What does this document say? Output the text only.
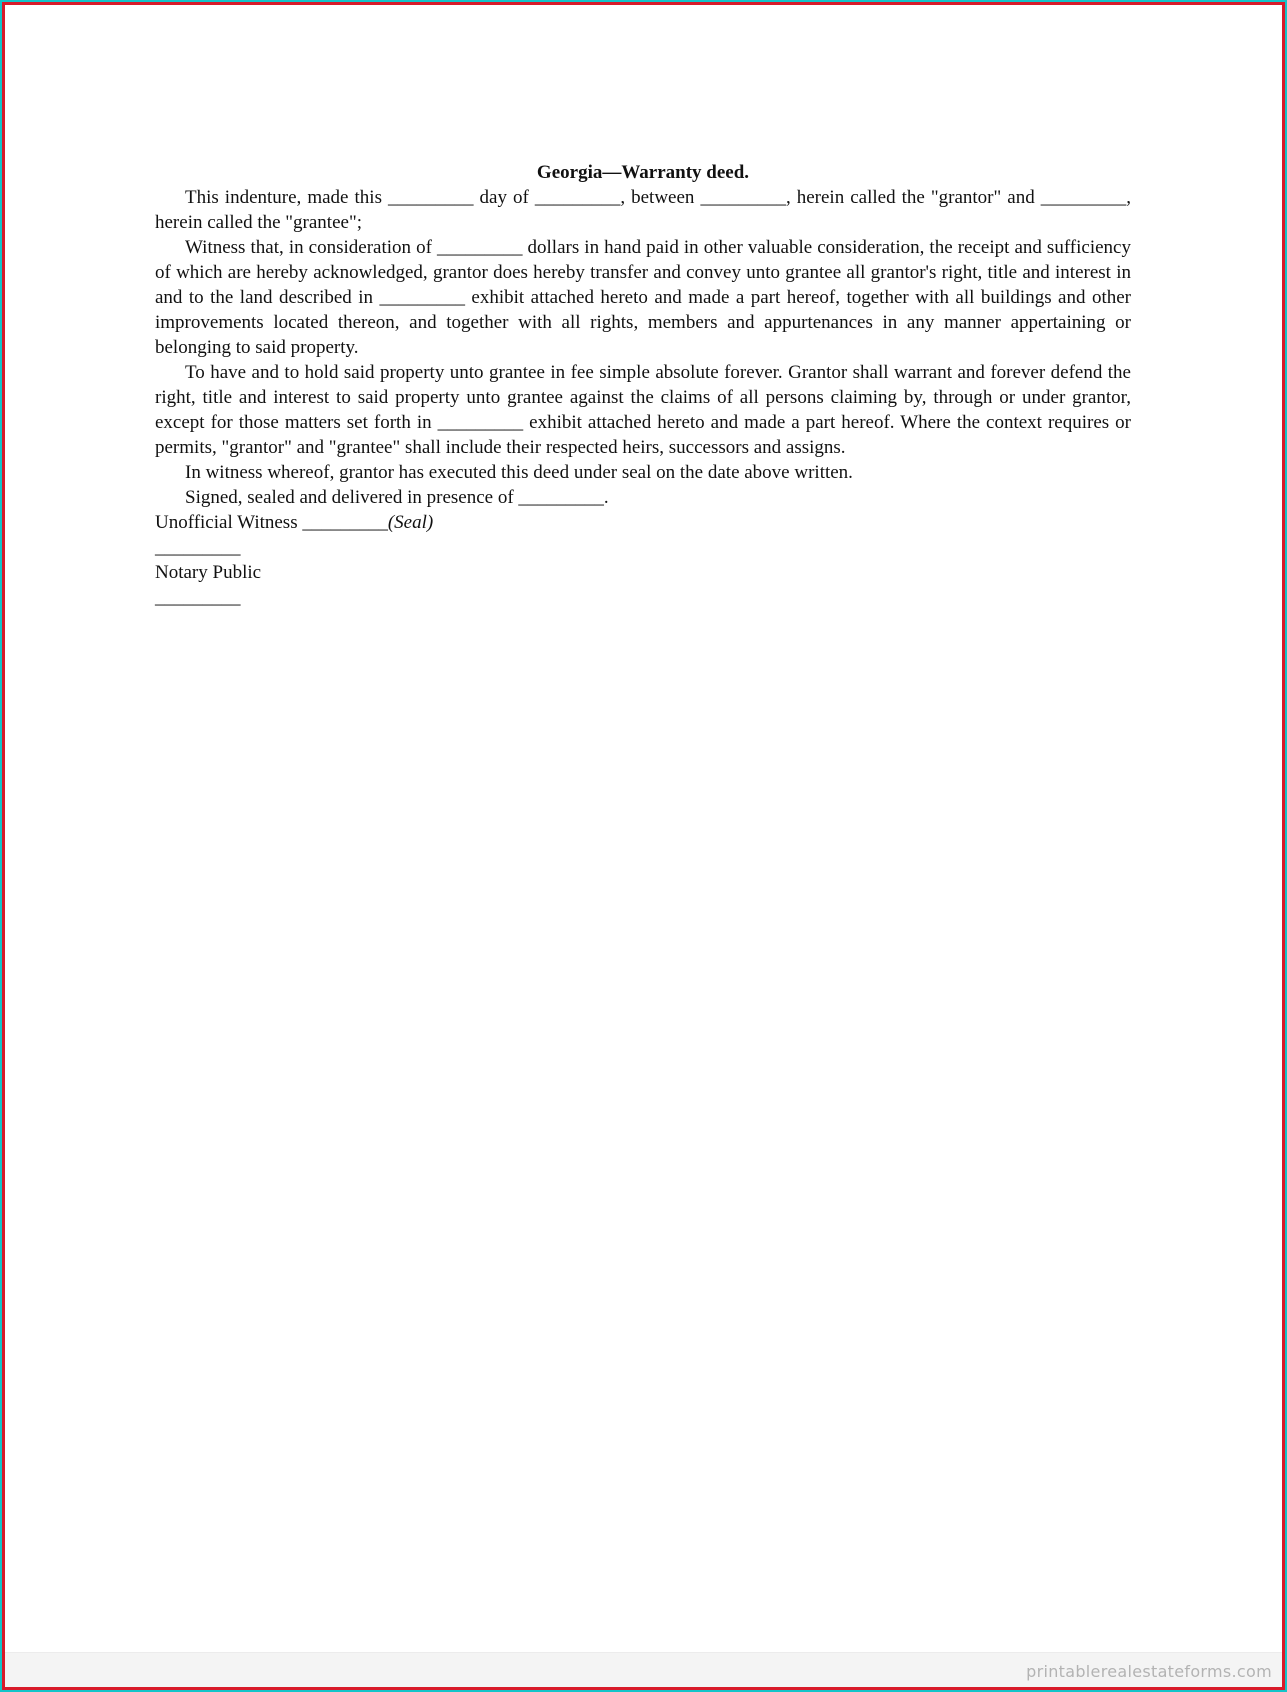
Georgia—Warranty deed.

This indenture, made this _________ day of _________, between _________, herein called the "grantor" and _________, herein called the "grantee";

Witness that, in consideration of _________ dollars in hand paid in other valuable consideration, the receipt and sufficiency of which are hereby acknowledged, grantor does hereby transfer and convey unto grantee all grantor's right, title and interest in and to the land described in _________ exhibit attached hereto and made a part hereof, together with all buildings and other improvements located thereon, and together with all rights, members and appurtenances in any manner appertaining or belonging to said property.

To have and to hold said property unto grantee in fee simple absolute forever. Grantor shall warrant and forever defend the right, title and interest to said property unto grantee against the claims of all persons claiming by, through or under grantor, except for those matters set forth in _________ exhibit attached hereto and made a part hereof. Where the context requires or permits, "grantor" and "grantee" shall include their respected heirs, successors and assigns.

In witness whereof, grantor has executed this deed under seal on the date above written.

Signed, sealed and delivered in presence of _________.

Unofficial Witness _________(Seal)

_________

Notary Public

_________

printablerealestateforms.com
